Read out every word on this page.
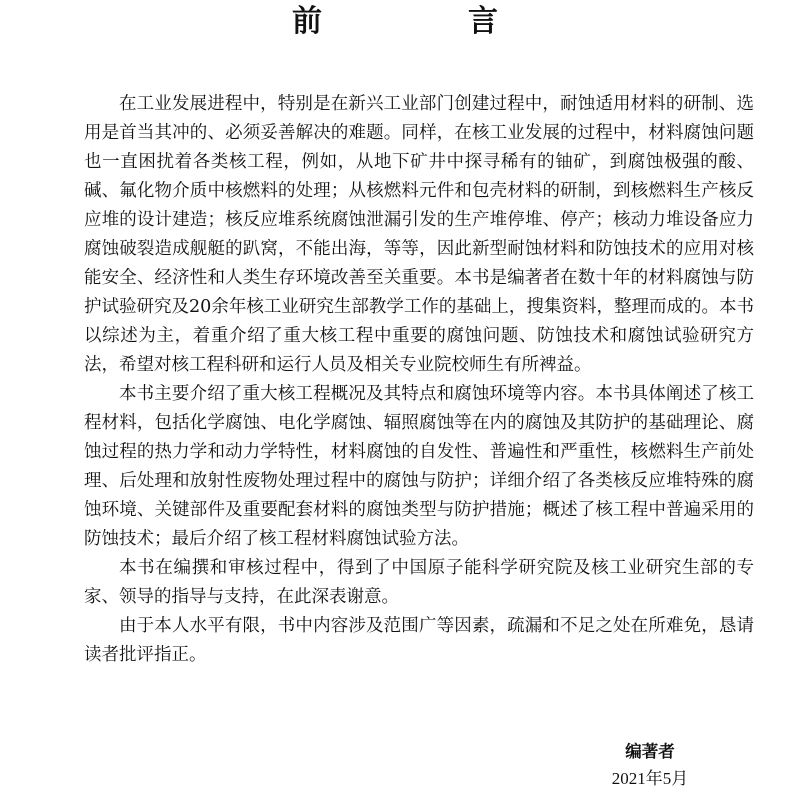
前　言

在工业发展进程中，特别是在新兴工业部门创建过程中，耐蚀适用材料的研制、选用是首当其冲的、必须妥善解决的难题。同样，在核工业发展的过程中，材料腐蚀问题也一直困扰着各类核工程，例如，从地下矿井中探寻稀有的铀矿，到腐蚀极强的酸、碱、氟化物介质中核燃料的处理；从核燃料元件和包壳材料的研制，到核燃料生产核反应堆的设计建造；核反应堆系统腐蚀泄漏引发的生产堆停堆、停产；核动力堆设备应力腐蚀破裂造成舰艇的趴窝，不能出海，等等，因此新型耐蚀材料和防蚀技术的应用对核能安全、经济性和人类生存环境改善至关重要。本书是编著者在数十年的材料腐蚀与防护试验研究及20余年核工业研究生部教学工作的基础上，搜集资料，整理而成的。本书以综述为主，着重介绍了重大核工程中重要的腐蚀问题、防蚀技术和腐蚀试验研究方法，希望对核工程科研和运行人员及相关专业院校师生有所裨益。

本书主要介绍了重大核工程概况及其特点和腐蚀环境等内容。本书具体阐述了核工程材料，包括化学腐蚀、电化学腐蚀、辐照腐蚀等在内的腐蚀及其防护的基础理论、腐蚀过程的热力学和动力学特性，材料腐蚀的自发性、普遍性和严重性，核燃料生产前处理、后处理和放射性废物处理过程中的腐蚀与防护；详细介绍了各类核反应堆特殊的腐蚀环境、关键部件及重要配套材料的腐蚀类型与防护措施；概述了核工程中普遍采用的防蚀技术；最后介绍了核工程材料腐蚀试验方法。

本书在编撰和审核过程中，得到了中国原子能科学研究院及核工业研究生部的专家、领导的指导与支持，在此深表谢意。

由于本人水平有限，书中内容涉及范围广等因素，疏漏和不足之处在所难免，恳请读者批评指正。

编著者
2021年5月
